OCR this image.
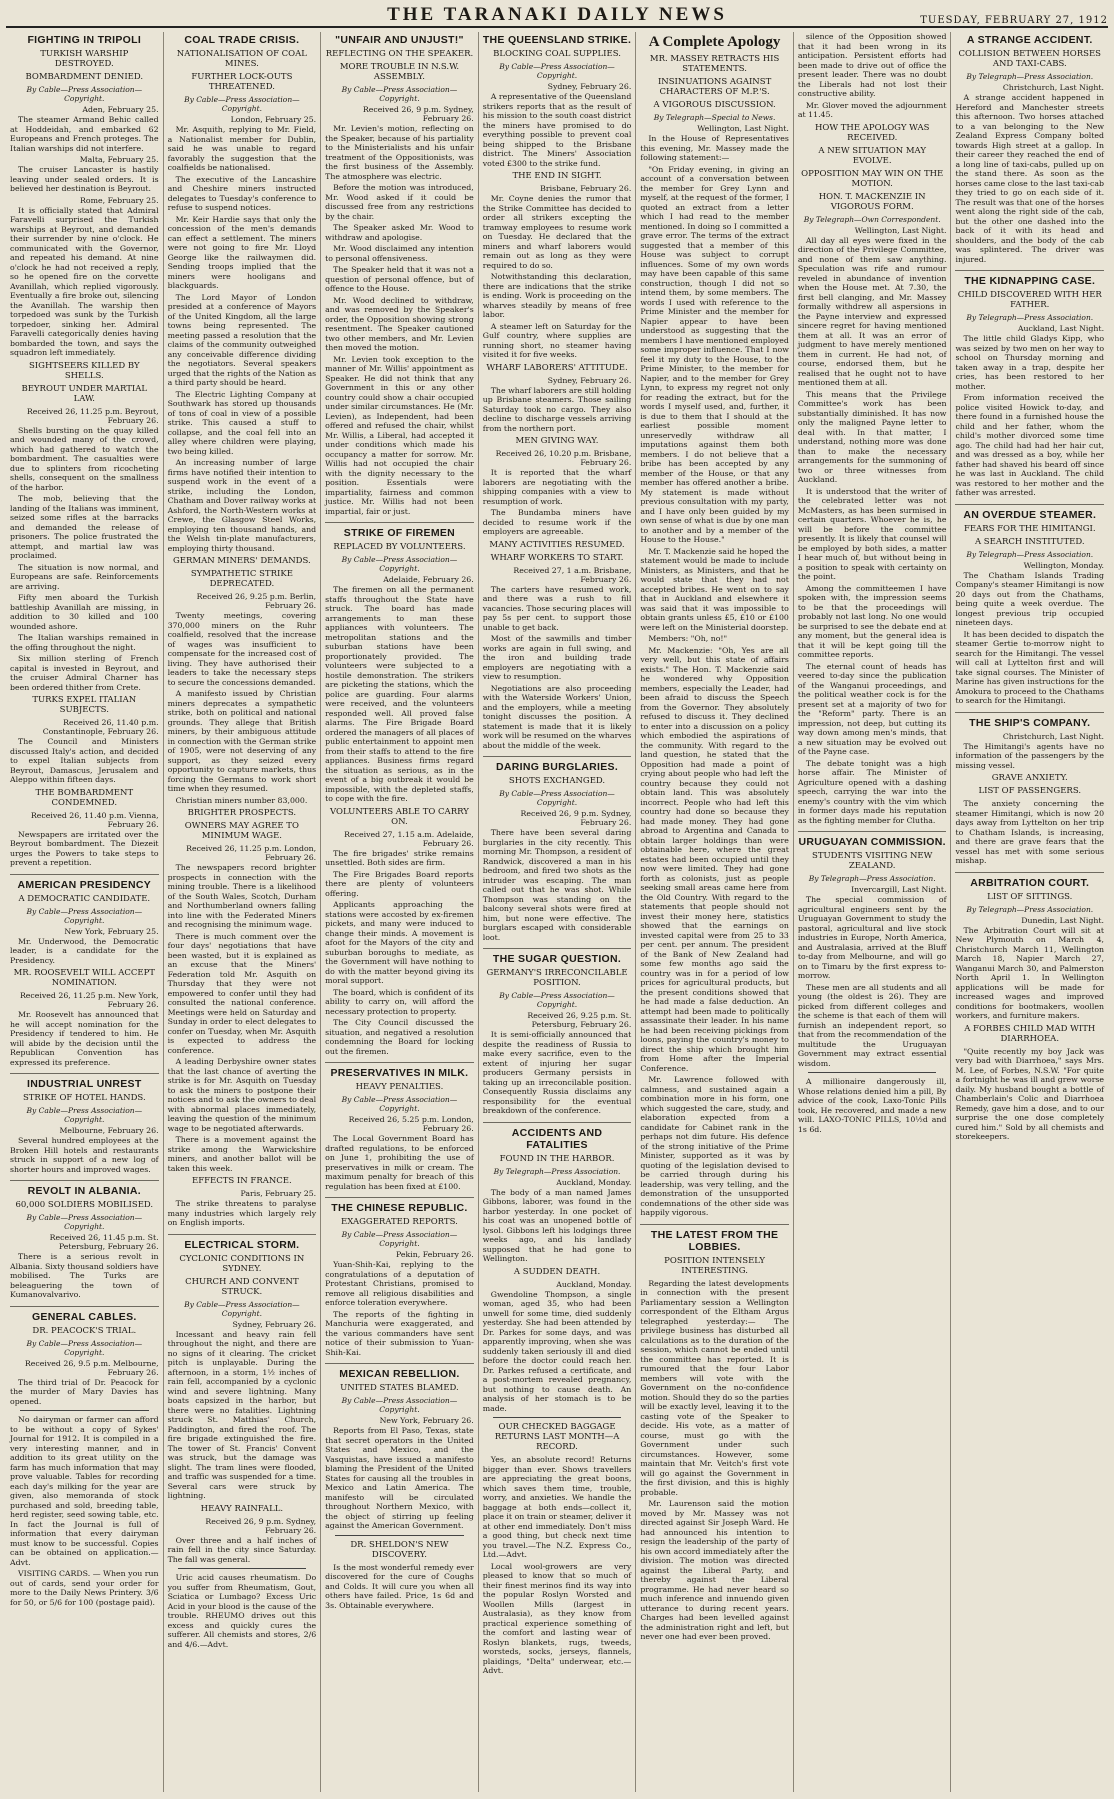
THE TARANAKI DAILY NEWS	TUESDAY, FEBRUARY 27, 1912
FIGHTING IN TRIPOLI
TURKISH WARSHIP DESTROYED.
BOMBARDMENT DENIED.
By Cable—Press Association—Copyright.
Aden, February 25.

The steamer Armand Behic called at Hoddeidah, and embarked 62 Europeans and French proteges. The Italian warships did not interfere.

Malta, February 25.

The cruiser Lancaster is hastily leaving under sealed orders. It is believed her destination is Beyrout.

Rome, February 25.

It is officially stated that Admiral Faravelli surprised the Turkish warships at Beyrout, and demanded their surrender by nine o'clock. He communicated with the Governor, and repeated his demand. At nine o'clock he had not received a reply, so he opened fire on the corvette Avanillah, which replied vigorously. Eventually a fire broke out, silencing the Avanillah. The warship then torpedoed was sunk by the Turkish torpedoer, sinking her. Admiral Faravelli categorically denies having bombarded the town, and says the squadron left immediately.

SIGHTSEERS KILLED BY SHELLS.
BEYROUT UNDER MARTIAL LAW.
Received 26, 11.25 p.m. Beyrout, February 26.

Shells bursting on the quay killed and wounded many of the crowd, which had gathered to watch the bombardment. The casualties were due to splinters from ricocheting shells, consequent on the smallness of the harbor.

The mob, believing that the landing of the Italians was imminent, seized some rifles at the barracks and demanded the release of prisoners. The police frustrated the attempt, and martial law was proclaimed.

The situation is now normal, and Europeans are safe. Reinforcements are arriving.

Fifty men aboard the Turkish battleship Avanillah are missing, in addition to 30 killed and 100 wounded ashore.

The Italian warships remained in the offing throughout the night.

Six million sterling of French capital is invested in Beyrout, and the cruiser Admiral Charner has been ordered thither from Crete.

TURKS EXPEL ITALIAN SUBJECTS.
Received 26, 11.40 p.m. Constantinople, February 26.

The Council and Ministers discussed Italy's action, and decided to expel Italian subjects from Beyrout, Damascus, Jerusalem and Aleppo within fifteen days.

THE BOMBARDMENT CONDEMNED.
Received 26, 11.40 p.m. Vienna, February 26.

Newspapers are irritated over the Beyrout bombardment. The Diezeit urges the Powers to take steps to prevent a repetition.

AMERICAN PRESIDENCY
A DEMOCRATIC CANDIDATE.
By Cable—Press Association—Copyright.
New York, February 25.

Mr. Underwood, the Democratic leader, is a candidate for the Presidency.

MR. ROOSEVELT WILL ACCEPT NOMINATION.
Received 26, 11.25 p.m. New York, February 26.

Mr. Roosevelt has announced that he will accept nomination for the Presidency if tendered to him. He will abide by the decision until the Republican Convention has expressed its preference.

INDUSTRIAL UNREST
STRIKE OF HOTEL HANDS.
By Cable—Press Association—Copyright.
Melbourne, February 26.

Several hundred employees at the Broken Hill hotels and restaurants struck in support of a new log of shorter hours and improved wages.

REVOLT IN ALBANIA.
60,000 SOLDIERS MOBILISED.
By Cable—Press Association—Copyright.
Received 26, 11.45 p.m. St. Petersburg, February 26.

There is a serious revolt in Albania. Sixty thousand soldiers have mobilised. The Turks are beleaguering the town of Kumanovalvarivo.

GENERAL CABLES.
DR. PEACOCK'S TRIAL.
By Cable—Press Association—Copyright.
Received 26, 9.5 p.m. Melbourne, February 26.

The third trial of Dr. Peacock for the murder of Mary Davies has opened.

No dairyman or farmer can afford to be without a copy of Sykes' Journal for 1912. It is compiled in a very interesting manner, and in addition to its great utility on the farm has much information that may prove valuable. Tables for recording each day's milking for the year are given, also memoranda of stock purchased and sold, breeding table, herd register, seed sowing table, etc. In fact the Journal is full of information that every dairyman must know to be successful. Copies can be obtained on application.—Advt.

VISITING CARDS. — When you run out of cards, send your order for more to the Daily News Printery. 3/6 for 50, or 5/6 for 100 (postage paid).

COAL TRADE CRISIS.
NATIONALISATION OF COAL MINES.
FURTHER LOCK-OUTS THREATENED.
By Cable—Press Association—Copyright.
London, February 25.

Mr. Asquith, replying to Mr. Field, a Nationalist member for Dublin, said he was unable to regard favorably the suggestion that the coalfields be nationalised.

The executive of the Lancashire and Cheshire miners instructed delegates to Tuesday's conference to refuse to suspend notices.

Mr. Keir Hardie says that only the concession of the men's demands can effect a settlement. The miners were not going to fire Mr. Lloyd George like the railwaymen did. Sending troops implied that the miners were hooligans and blackguards.

The Lord Mayor of London presided at a conference of Mayors of the United Kingdom, all the large towns being represented. The meeting passed a resolution that the claims of the community outweighed any conceivable difference dividing the negotiators. Several speakers urged that the rights of the Nation as a third party should be heard.

The Electric Lighting Company at Southwark has stored up thousands of tons of coal in view of a possible strike. This caused a stuff to collapse, and the coal fell into an alley where children were playing, two being killed.

An increasing number of large firms have notified their intention to suspend work in the event of a strike, including the London, Chatham and Dover railway works at Ashford, the North-Western works at Crewe, the Glasgow Steel Works, employing ten thousand hands, and the Welsh tin-plate manufacturers, employing thirty thousand.

GERMAN MINERS' DEMANDS.
SYMPATHETIC STRIKE DEPRECATED.
Received 26, 9.25 p.m. Berlin, February 26.

Twenty meetings, covering 370,000 miners on the Ruhr coalfield, resolved that the increase of wages was insufficient to compensate for the increased cost of living. They have authorised their leaders to take the necessary steps to secure the concessions demanded.

A manifesto issued by Christian miners deprecates a sympathetic strike, both on political and national grounds. They allege that British miners, by their ambiguous attitude in connection with the German strike of 1905, were not deserving of any support, as they seized every opportunity to capture markets, thus forcing the Germans to work short time when they resumed.

Christian miners number 83,000.

BRIGHTER PROSPECTS.
OWNERS MAY AGREE TO MINIMUM WAGE.
Received 26, 11.25 p.m. London, February 26.

The newspapers record brighter prospects in connection with the mining trouble. There is a likelihood of the South Wales, Scotch, Durham and Northumberland owners falling into line with the Federated Miners and recognising the minimum wage.

There is much comment over the four days' negotiations that have been wasted, but it is explained as an excuse that the Miners' Federation told Mr. Asquith on Thursday that they were not empowered to confer until they had consulted the national conference. Meetings were held on Saturday and Sunday in order to elect delegates to confer on Tuesday, when Mr. Asquith is expected to address the conference.

A leading Derbyshire owner states that the last chance of averting the strike is for Mr. Asquith on Tuesday to ask the miners to postpone their notices and to ask the owners to deal with abnormal places immediately, leaving the question of the minimum wage to be negotiated afterwards.

There is a movement against the strike among the Warwickshire miners, and another ballot will be taken this week.

EFFECTS IN FRANCE.
Paris, February 25.

The strike threatens to paralyse many industries which largely rely on English imports.

ELECTRICAL STORM.
CYCLONIC CONDITIONS IN SYDNEY.
CHURCH AND CONVENT STRUCK.
By Cable—Press Association—Copyright.
Sydney, February 26.

Incessant and heavy rain fell throughout the night, and there are no signs of it clearing. The cricket pitch is unplayable. During the afternoon, in a storm, 1½ inches of rain fell, accompanied by a cyclonic wind and severe lightning. Many boats capsized in the harbor, but there were no fatalities. Lightning struck St. Matthias' Church, Paddington, and fired the roof. The fire brigade extinguished the fire. The tower of St. Francis' Convent was struck, but the damage was slight. The tram lines were flooded, and traffic was suspended for a time. Several cars were struck by lightning.

HEAVY RAINFALL.
Received 26, 9 p.m. Sydney, February 26.

Over three and a half inches of rain fell in the city since Saturday. The fall was general.

Uric acid causes rheumatism. Do you suffer from Rheumatism, Gout, Sciatica or Lumbago? Excess Uric Acid in your blood is the cause of the trouble. RHEUMO drives out this excess and quickly cures the sufferer. All chemists and stores, 2/6 and 4/6.—Advt.

"UNFAIR AND UNJUST!"
REFLECTING ON THE SPEAKER.
MORE TROUBLE IN N.S.W. ASSEMBLY.
By Cable—Press Association—Copyright.
Received 26, 9 p.m. Sydney, February 26.

Mr. Levien's motion, reflecting on the Speaker, because of his partiality to the Ministerialists and his unfair treatment of the Oppositionists, was the first business of the Assembly. The atmosphere was electric.

Before the motion was introduced, Mr. Wood asked if it could be discussed free from any restrictions by the chair.

The Speaker asked Mr. Wood to withdraw and apologise.

Mr. Wood disclaimed any intention to personal offensiveness.

The Speaker held that it was not a question of personal offence, but of offence to the House.

Mr. Wood declined to withdraw, and was removed by the Speaker's order, the Opposition showing strong resentment. The Speaker cautioned two other members, and Mr. Levien then moved the motion.

Mr. Levien took exception to the manner of Mr. Willis' appointment as Speaker. He did not think that any Government in this or any other country could show a chair occupied under similar circumstances. He (Mr. Levien), as Independent, had been offered and refused the chair, whilst Mr. Willis, a Liberal, had accepted it under conditions which made his occupancy a matter for sorrow. Mr. Willis had not occupied the chair with the dignity necessary to the position. Essentials were impartiality, fairness and common justice. Mr. Willis had not been impartial, fair or just.

STRIKE OF FIREMEN
REPLACED BY VOLUNTEERS.
By Cable—Press Association—Copyright.
Adelaide, February 26.

The firemen on all the permanent staffs throughout the State have struck. The board has made arrangements to man these appliances with volunteers. The metropolitan stations and the suburban stations have been proportionately provided. The volunteers were subjected to a hostile demonstration. The strikers are picketing the stations, which the police are guarding. Four alarms were received, and the volunteers responded well. All proved false alarms. The Fire Brigade Board ordered the managers of all places of public entertainment to appoint men from their staffs to attend to the fire appliances. Business firms regard the situation as serious, as in the event of a big outbreak it would be impossible, with the depleted staffs, to cope with the fire.

VOLUNTEERS ABLE TO CARRY ON.
Received 27, 1.15 a.m. Adelaide, February 26.

The fire brigades' strike remains unsettled. Both sides are firm.

The Fire Brigades Board reports there are plenty of volunteers offering.

Applicants approaching the stations were accosted by ex-firemen pickets, and many were induced to change their minds. A movement is afoot for the Mayors of the city and suburban boroughs to mediate, as the Government will have nothing to do with the matter beyond giving its moral support.

The board, which is confident of its ability to carry on, will afford the necessary protection to property.

The City Council discussed the situation, and negatived a resolution condemning the Board for locking out the firemen.

PRESERVATIVES IN MILK.
HEAVY PENALTIES.
By Cable—Press Association—Copyright.
Received 26, 5.25 p.m. London, February 26.

The Local Government Board has drafted regulations, to be enforced on June 1, prohibiting the use of preservatives in milk or cream. The maximum penalty for breach of this regulation has been fixed at £100.

THE CHINESE REPUBLIC.
EXAGGERATED REPORTS.
By Cable—Press Association—Copyright.
Pekin, February 26.

Yuan-Shih-Kai, replying to the congratulations of a deputation of Protestant Christians, promised to remove all religious disabilities and enforce toleration everywhere.

The reports of the fighting in Manchuria were exaggerated, and the various commanders have sent notice of their submission to Yuan-Shih-Kai.

MEXICAN REBELLION.
UNITED STATES BLAMED.
By Cable—Press Association—Copyright.
New York, February 26.

Reports from El Paso, Texas, state that secret operators in the United States and Mexico, and the Vasquistas, have issued a manifesto blaming the President of the United States for causing all the troubles in Mexico and Latin America. The manifesto will be circulated throughout Northern Mexico, with the object of stirring up feeling against the American Government.

DR. SHELDON'S NEW DISCOVERY.

Is the most wonderful remedy ever discovered for the cure of Coughs and Colds. It will cure you when all others have failed. Price, 1s 6d and 3s. Obtainable everywhere.

THE QUEENSLAND STRIKE.
BLOCKING COAL SUPPLIES.
By Cable—Press Association—Copyright.
Sydney, February 26.

A representative of the Queensland strikers reports that as the result of his mission to the south coast district the miners have promised to do everything possible to prevent coal being shipped to the Brisbane district. The Miners' Association voted £300 to the strike fund.

THE END IN SIGHT.
Brisbane, February 26.

Mr. Coyne denies the rumor that the Strike Committee has decided to order all strikers excepting the tramway employees to resume work on Tuesday. He declared that the miners and wharf laborers would remain out as long as they were required to do so.

Notwithstanding this declaration, there are indications that the strike is ending. Work is proceeding on the wharves steadily by means of free labor.

A steamer left on Saturday for the Gulf country, where supplies are running short, no steamer having visited it for five weeks.

WHARF LABORERS' ATTITUDE.
Sydney, February 26.

The wharf laborers are still holding up Brisbane steamers. Those sailing Saturday took no cargo. They also decline to discharge vessels arriving from the northern port.

MEN GIVING WAY.
Received 26, 10.20 p.m. Brisbane, February 26.

It is reported that the wharf laborers are negotiating with the shipping companies with a view to resumption of work.

The Bundamba miners have decided to resume work if the employers are agreeable.

MANY ACTIVITIES RESUMED.
WHARF WORKERS TO START.
Received 27, 1 a.m. Brisbane, February 26.

The carters have resumed work, and there was a rush to fill vacancies. Those securing places will pay 5s per cent. to support those unable to get back.

Most of the sawmills and timber works are again in full swing, and the iron and building trade employers are negotiating with a view to resumption.

Negotiations are also proceeding with the Waterside Workers' Union, and the employers, while a meeting tonight discusses the position. A statement is made that it is likely work will be resumed on the wharves about the middle of the week.

DARING BURGLARIES.
SHOTS EXCHANGED.
By Cable—Press Association—Copyright.
Received 26, 9 p.m. Sydney, February 26.

There have been several daring burglaries in the city recently. This morning Mr. Thompson, a resident of Randwick, discovered a man in his bedroom, and fired two shots as the intruder was escaping. The man called out that he was shot. While Thompson was standing on the balcony several shots were fired at him, but none were effective. The burglars escaped with considerable loot.

THE SUGAR QUESTION.
GERMANY'S IRRECONCILABLE POSITION.
By Cable—Press Association—Copyright.
Received 26, 9.25 p.m. St. Petersburg, February 26.

It is semi-officially announced that despite the readiness of Russia to make every sacrifice, even to the extent of injuring her sugar producers Germany persists in taking up an irreconcilable position. Consequently Russia disclaims any responsibility for the eventual breakdown of the conference.

ACCIDENTS AND FATALITIES
FOUND IN THE HARBOR.
By Telegraph—Press Association.
Auckland, Monday.

The body of a man named James Gibbons, laborer, was found in the harbor yesterday. In one pocket of his coat was an unopened bottle of lysol. Gibbons left his lodgings three weeks ago, and his landlady supposed that he had gone to Wellington.

A SUDDEN DEATH.
Auckland, Monday.

Gwendoline Thompson, a single woman, aged 35, who had been unwell for some time, died suddenly yesterday. She had been attended by Dr. Parkes for some days, and was apparently improving, when she was suddenly taken seriously ill and died before the doctor could reach her. Dr. Parkes refused a certificate, and a post-mortem revealed pregnancy, but nothing to cause death. An analysis of her stomach is to be made.

OUR CHECKED BAGGAGE RETURNS LAST MONTH—A RECORD.

Yes, an absolute record! Returns bigger than ever. Shows travellers are appreciating the great boons, which saves them time, trouble, worry, and anxieties. We handle the baggage at both ends—collect it, place it on train or steamer, deliver it at other end immediately. Don't miss a good thing, but check next time you travel.—The N.Z. Express Co., Ltd.—Advt.

Local wool-growers are very pleased to know that so much of their finest merinos find its way into the popular Roslyn Worsted and Woollen Mills (largest in Australasia), as they know from practical experience something of the comfort and lasting wear of Roslyn blankets, rugs, tweeds, worsteds, socks, jerseys, flannels, plaidings, "Delta" underwear, etc.—Advt.

A Complete Apology
MR. MASSEY RETRACTS HIS STATEMENTS.
INSINUATIONS AGAINST CHARACTERS OF M.P.'S.
A VIGOROUS DISCUSSION.
By Telegraph—Special to News.
Wellington, Last Night.

In the House of Representatives this evening, Mr. Massey made the following statement:—

"On Friday evening, in giving an account of a conversation between the member for Grey Lynn and myself, at the request of the former, I quoted an extract from a letter which I had read to the member mentioned. In doing so I committed a grave error. The terms of the extract suggested that a member of this House was subject to corrupt influences. Some of my own words may have been capable of this same construction, though I did not so intend them, by some members. The words I used with reference to the Prime Minister and the member for Napier appear to have been understood as suggesting that the members I have mentioned employed some improper influence. That I now feel it my duty to the House, to the Prime Minister, to the member for Napier, and to the member for Grey Lynn, to express my regret not only for reading the extract, but for the words I myself used, and, further, it is due to them that I should at the earliest possible moment unreservedly withdraw all imputations against them both members. I do not believe that a bribe has been accepted by any member of the House, or that any member has offered another a bribe. My statement is made without previous consultation with my party, and I have only been guided by my own sense of what is due by one man to another and by a member of the House to the House."

Mr. T. Mackenzie said he hoped the statement would be made to include Ministers, as Ministers, and that he would state that they had not accepted bribes. He went on to say that in Auckland and elsewhere it was said that it was impossible to obtain grants unless £5, £10 or £100 were left on the Ministerial doorstep.

Members: "Oh, no!"

Mr. Mackenzie: "Oh, Yes are all very well, but this state of affairs exists." The Hon. T. Mackenzie said he wondered why Opposition members, especially the Leader, had been afraid to discuss the Speech from the Governor. They absolutely refused to discuss it. They declined to enter into a discussion on a policy which embodied the aspirations of the community. With regard to the land question, he stated that the Opposition had made a point of crying about people who had left the country because they could not obtain land. This was absolutely incorrect. People who had left this country had done so because they had made money. They had gone abroad to Argentina and Canada to obtain larger holdings than were obtainable here, where the great estates had been occupied until they now were limited. They had gone forth as colonists, just as people seeking small areas came here from the Old Country. With regard to the statements that people should not invest their money here, statistics showed that the earnings on invested capital were from 25 to 33 per cent. per annum. The president of the Bank of New Zealand had some few months ago said the country was in for a period of low prices for agricultural products, but the present conditions showed that he had made a false deduction. An attempt had been made to politically assassinate their leader. In his name he had been receiving pickings from loons, paying the country's money to direct the ship which brought him from Home after the Imperial Conference.

Mr. Lawrence followed with calmness, and sustained again a combination more in his form, one which suggested the care, study, and elaboration expected from a candidate for Cabinet rank in the perhaps not dim future. His defence of the strong initiative of the Prime Minister, supported as it was by quoting of the legislation devised to be carried through during his leadership, was very telling, and the demonstration of the unsupported condemnations of the other side was happily vigorous.

THE LATEST FROM THE LOBBIES.
POSITION INTENSELY INTERESTING.

Regarding the latest developments in connection with the present Parliamentary session a Wellington correspondent of the Eltham Argus telegraphed yesterday:— The privilege business has disturbed all calculations as to the duration of the session, which cannot be ended until the committee has reported. It is rumoured that the four Labor members will vote with the Government on the no-confidence motion. Should they do so the parties will be exactly level, leaving it to the casting vote of the Speaker to decide. His vote, as a matter of course, must go with the Government under such circumstances. However, some maintain that Mr. Veitch's first vote will go against the Government in the first division, and this is highly probable.

Mr. Laurenson said the motion moved by Mr. Massey was not directed against Sir Joseph Ward. He had announced his intention to resign the leadership of the party of his own accord immediately after the division. The motion was directed against the Liberal Party, and thereby against the Liberal programme. He had never heard so much inference and innuendo given utterance to during recent years. Charges had been levelled against the administration right and left, but never one had ever been proved.

silence of the Opposition showed that it had been wrong in its anticipation. Persistent efforts had been made to drive out of office the present leader. There was no doubt the Liberals had not lost their constructive ability.

Mr. Glover moved the adjournment at 11.45.

HOW THE APOLOGY WAS RECEIVED.
A NEW SITUATION MAY EVOLVE.
OPPOSITION MAY WIN ON THE MOTION.
HON. T. MACKENZIE IN VIGOROUS FORM.
By Telegraph—Own Correspondent.
Wellington, Last Night.

All day all eyes were fixed in the direction of the Privilege Committee, and none of them saw anything. Speculation was rife and rumour reveled in abundance of invention when the House met. At 7.30, the first bell clanging, and Mr. Massey formally withdrew all aspersions in the Payne interview and expressed sincere regret for having mentioned them at all. It was an error of judgment to have merely mentioned them in current. He had not, of course, endorsed them, but he realised that he ought not to have mentioned them at all.

This means that the Privilege Committee's work has been substantially diminished. It has now only the maligned Payne letter to deal with. In that matter, I understand, nothing more was done than to make the necessary arrangements for the summoning of two or three witnesses from Auckland.

It is understood that the writer of the celebrated letter was not McMasters, as has been surmised in certain quarters. Whoever he is, he will be before the committee presently. It is likely that counsel will be employed by both sides, a matter I hear much of, but without being in a position to speak with certainty on the point.

Among the committeemen I have spoken with, the impression seems to be that the proceedings will probably not last long. No one would be surprised to see the debate end at any moment, but the general idea is that it will be kept going till the committee reports.

The eternal count of heads has veered to-day since the publication of the Wanganui proceedings, and the political weather cock is for the present set at a majority of two for the "Reform" party. There is an impression, not deep, but cutting its way down among men's minds, that a new situation may be evolved out of the Payne case.

The debate tonight was a high horse affair. The Minister of Agriculture opened with a dashing speech, carrying the war into the enemy's country with the vim which in former days made his reputation as the fighting member for Clutha.

URUGUAYAN COMMISSION.
STUDENTS VISITING NEW ZEALAND.
By Telegraph—Press Association.
Invercargill, Last Night.

The special commission of agricultural engineers sent by the Uruguayan Government to study the pastoral, agricultural and live stock industries in Europe, North America, and Australasia, arrived at the Bluff to-day from Melbourne, and will go on to Timaru by the first express to-morrow.

These men are all students and all young (the oldest is 26). They are picked from different colleges and the scheme is that each of them will furnish an independent report, so that from the recommendation of the multitude the Uruguayan Government may extract essential wisdom.

A millionaire dangerously ill, Whose relations denied him a pill, By advice of the cook, Laxo-Tonic Pills took, He recovered, and made a new will. LAXO-TONIC PILLS, 10½d and 1s 6d.

A STRANGE ACCIDENT.
COLLISION BETWEEN HORSES AND TAXI-CABS.
By Telegraph—Press Association.
Christchurch, Last Night.

A strange accident happened in Hereford and Manchester streets this afternoon. Two horses attached to a van belonging to the New Zealand Express Company bolted towards High street at a gallop. In their career they reached the end of a long line of taxi-cabs, pulled up on the stand there. As soon as the horses came close to the last taxi-cab they tried to go on each side of it. The result was that one of the horses went along the right side of the cab, but the other one dashed into the back of it with its head and shoulders, and the body of the cab was splintered. The driver was injured.

THE KIDNAPPING CASE.
CHILD DISCOVERED WITH HER FATHER.
By Telegraph—Press Association.
Auckland, Last Night.

The little child Gladys Kipp, who was seized by two men on her way to school on Thursday morning and taken away in a trap, despite her cries, has been restored to her mother.

From information received the police visited Howick to-day, and there found in a furnished house the child and her father, whom the child's mother divorced some time ago. The child had had her hair cut, and was dressed as a boy, while her father had shaved his beard off since he was last in Auckland. The child was restored to her mother and the father was arrested.

AN OVERDUE STEAMER.
FEARS FOR THE HIMITANGI.
A SEARCH INSTITUTED.
By Telegraph—Press Association.
Wellington, Monday.

The Chatham Islands Trading Company's steamer Himitangi is now 20 days out from the Chathams, being quite a week overdue. The longest previous trip occupied nineteen days.

It has been decided to dispatch the steamer Gertie to-morrow night to search for the Himitangi. The vessel will call at Lyttelton first and will take signal courses. The Minister of Marine has given instructions for the Amokura to proceed to the Chathams to search for the Himitangi.

THE SHIP'S COMPANY.
Christchurch, Last Night.

The Himitangi's agents have no information of the passengers by the missing vessel.

GRAVE ANXIETY.
LIST OF PASSENGERS.

The anxiety concerning the steamer Himitangi, which is now 20 days away from Lyttelton on her trip to Chatham Islands, is increasing, and there are grave fears that the vessel has met with some serious mishap.

ARBITRATION COURT.
LIST OF SITTINGS.
By Telegraph—Press Association.
Dunedin, Last Night.

The Arbitration Court will sit at New Plymouth on March 4, Christchurch March 11, Wellington March 18, Napier March 27, Wanganui March 30, and Palmerston North April 1. In Wellington applications will be made for increased wages and improved conditions for bootmakers, woollen workers, and furniture makers.

A FORBES CHILD MAD WITH DIARRHOEA.

"Quite recently my boy Jack was very bad with Diarrhoea," says Mrs. M. Lee, of Forbes, N.S.W. "For quite a fortnight he was ill and grew worse daily. My husband bought a bottle of Chamberlain's Colic and Diarrhoea Remedy, gave him a dose, and to our surprise the one dose completely cured him." Sold by all chemists and storekeepers.
